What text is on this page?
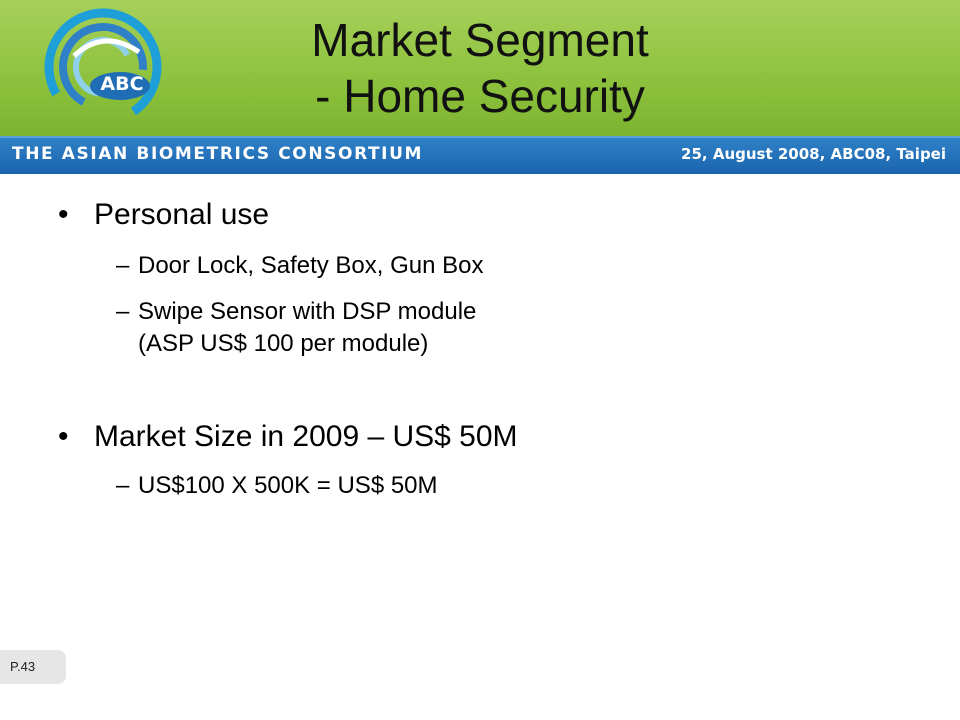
ABC
Market Segment
- Home Security
THE ASIAN BIOMETRICS CONSORTIUM	25, August 2008, ABC08, Taipei
• Personal use
– Door Lock, Safety Box, Gun Box
– Swipe Sensor with DSP module
(ASP US$ 100 per module)
• Market Size in 2009 – US$ 50M
– US$100 X 500K = US$ 50M
P.43
